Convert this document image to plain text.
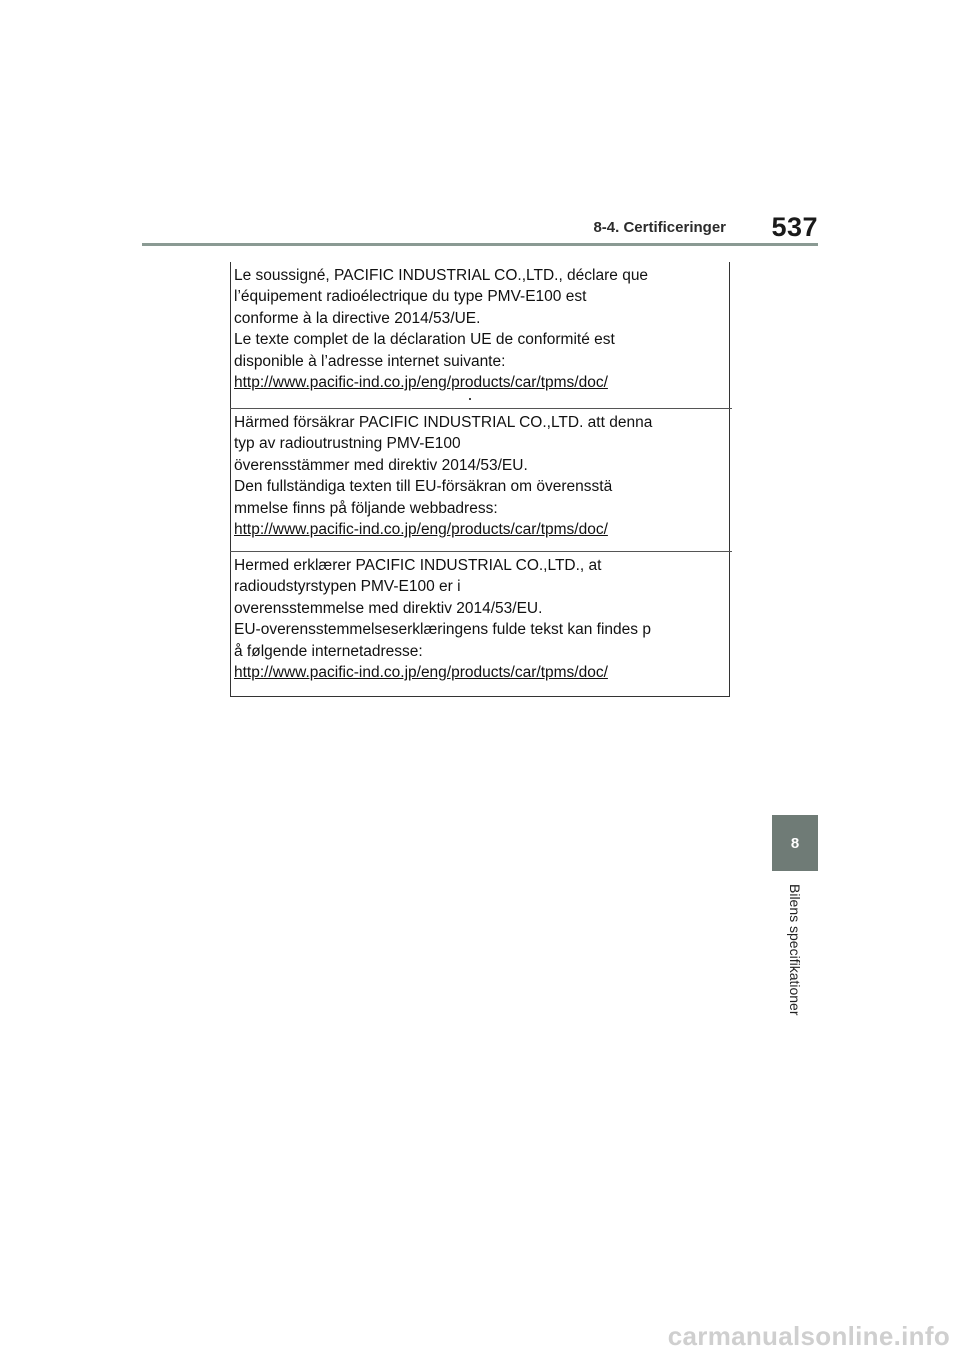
8-4. Certificeringer 537
Le soussigné, PACIFIC INDUSTRIAL CO.,LTD., déclare que
l’équipement radioélectrique du type PMV-E100 est
conforme à la directive 2014/53/UE.
Le texte complet de la déclaration UE de conformité est
disponible à l’adresse internet suivante:
http://www.pacific-ind.co.jp/eng/products/car/tpms/doc/
Härmed försäkrar PACIFIC INDUSTRIAL CO.,LTD. att denna
typ av radioutrustning PMV-E100
överensstämmer med direktiv 2014/53/EU.
Den fullständiga texten till EU-försäkran om överensstä
mmelse finns på följande webbadress:
http://www.pacific-ind.co.jp/eng/products/car/tpms/doc/
Hermed erklærer PACIFIC INDUSTRIAL CO.,LTD., at
radioudstyrstypen PMV-E100 er i
overensstemmelse med direktiv 2014/53/EU.
EU-overensstemmelseserklæringens fulde tekst kan findes p
å følgende internetadresse:
http://www.pacific-ind.co.jp/eng/products/car/tpms/doc/
8
Bilens specifikationer
carmanualsonline.info
